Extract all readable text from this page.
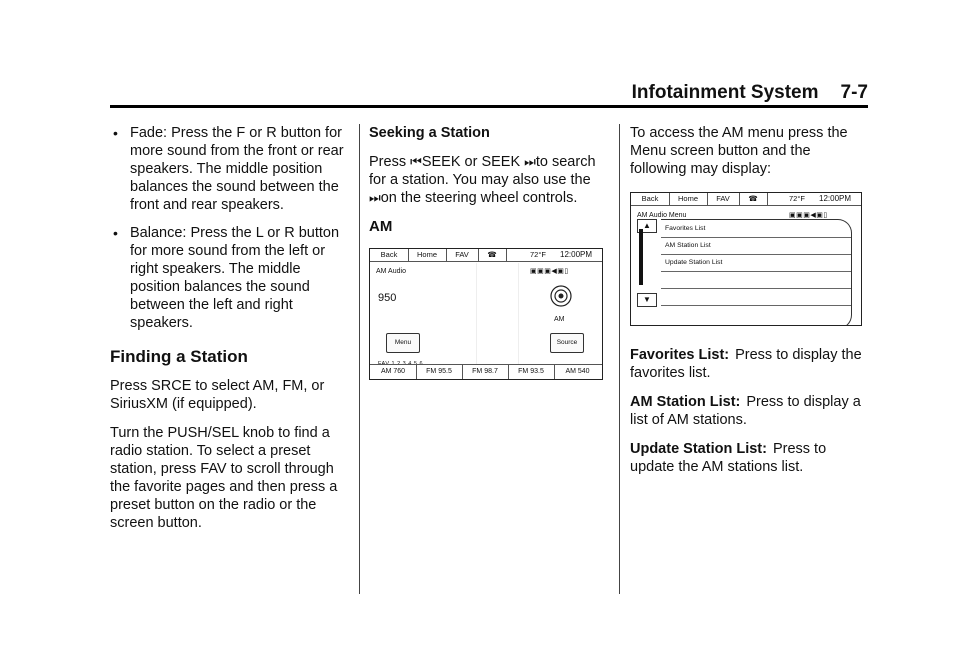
Infotainment System 7-7
• Fade: Press the F or R button for more sound from the front or rear speakers. The middle position balances the sound between the front and rear speakers.
• Balance: Press the L or R button for more sound from the left or right speakers. The middle position balances the sound between the left and right speakers.
Finding a Station

Press SRCE to select AM, FM, or SiriusXM (if equipped).

Turn the PUSH/SEL knob to find a radio station. To select a preset station, press FAV to scroll through the favorite pages and then press a preset button on the radio or the screen button.

Seeking a Station

Press ⏮SEEK or SEEK ⏭to search for a station. You may also use the ⏭on the steering wheel controls.

AM
Back	Home	FAV	☎	72°F 12:00PM
AM Audio	▣▣▣◀▣▯
950
AM
Menu	Source
FAV 1 2 3 4 5 6
AM 760	FM 95.5	FM 98.7	FM 93.5	AM 540

To access the AM menu press the Menu screen button and the following may display:

Back	Home	FAV	☎	72°F 12:00PM
AM Audio Menu	▣▣▣◀▣▯
▲
▼
Favorites List
AM Station List
Update Station List

Favorites List: Press to display the favorites list.

AM Station List: Press to display a list of AM stations.

Update Station List: Press to update the AM stations list.
